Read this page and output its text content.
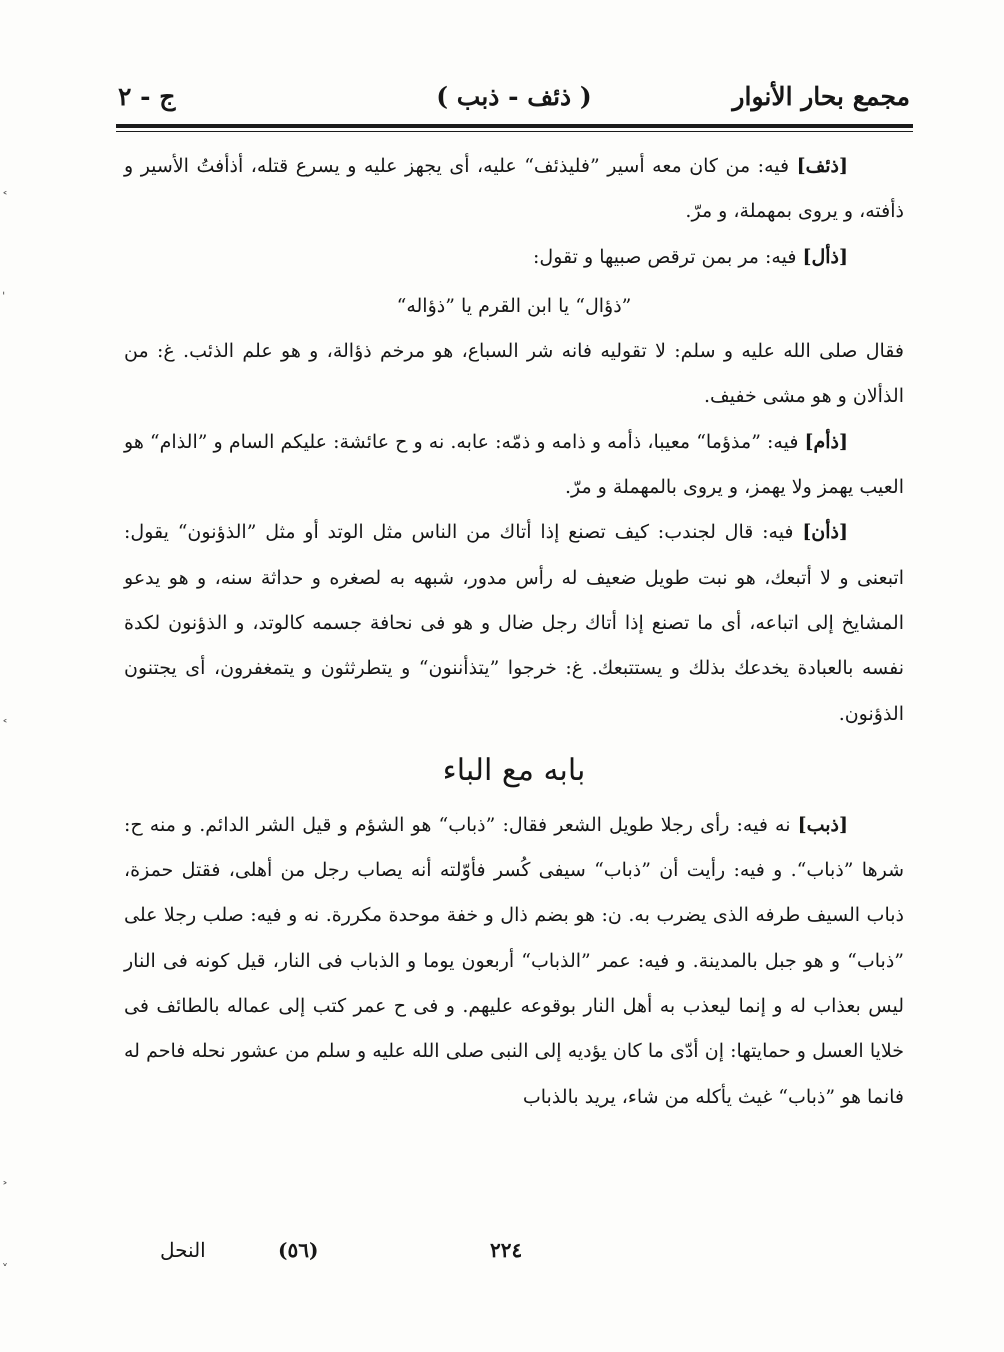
مجمع بحار الأنوار
( ذئف - ذبب )
ج - ٢

[ذئف] فيه: من كان معه أسير ”فليذئف“ عليه، أى يجهز عليه و يسرع قتله، أذأفتُ الأسير و ذأفته، و يروى بمهملة، و مرّ.

[ذأل] فيه: مر بمن ترقص صبيها و تقول:

”ذؤال“ يا ابن القرم يا ”ذؤاله“

فقال صلى الله عليه و سلم: لا تقوليه فانه شر السباع، هو مرخم ذؤالة، و هو علم الذئب. غ: من الذألان و هو مشى خفيف.

[ذأم] فيه: ”مذؤما“ معيبا، ذأمه و ذامه و ذمّه: عابه. نه و ح عائشة: عليكم السام و ”الذام“ هو العيب يهمز ولا يهمز، و يروى بالمهملة و مرّ.

[ذأن] فيه: قال لجندب: كيف تصنع إذا أتاك من الناس مثل الوتد أو مثل ”الذؤنون“ يقول: اتبعنى و لا أتبعك، هو نبت طويل ضعيف له رأس مدور، شبهه به لصغره و حداثة سنه، و هو يدعو المشايخ إلى اتباعه، أى ما تصنع إذا أتاك رجل ضال و هو فى نحافة جسمه كالوتد، و الذؤنون لكدة نفسه بالعبادة يخدعك بذلك و يستتبعك. غ: خرجوا ”يتذأننون“ و يتطرثثون و يتمغفرون، أى يجتنون الذؤنون.

بابه مع الباء

[ذبب] نه فيه: رأى رجلا طويل الشعر فقال: ”ذباب“ هو الشؤم و قيل الشر الدائم. و منه ح: شرها ”ذباب“. و فيه: رأيت أن ”ذباب“ سيفى كُسر فأوّلته أنه يصاب رجل من أهلى، فقتل حمزة، ذباب السيف طرفه الذى يضرب به. ن: هو بضم ذال و خفة موحدة مكررة. نه و فيه: صلب رجلا على ”ذباب“ و هو جبل بالمدينة. و فيه: عمر ”الذباب“ أربعون يوما و الذباب فى النار، قيل كونه فى النار ليس بعذاب له و إنما ليعذب به أهل النار بوقوعه عليهم. و فى ح عمر كتب إلى عماله بالطائف فى خلايا العسل و حمايتها: إن أدّى ما كان يؤديه إلى النبى صلى الله عليه و سلم من عشور نحله فاحم له فانما هو ”ذباب“ غيث يأكله من شاء، يريد بالذباب

٢٢٤
(٥٦)
النحل
˂
ˈ
˂
˃
˅
